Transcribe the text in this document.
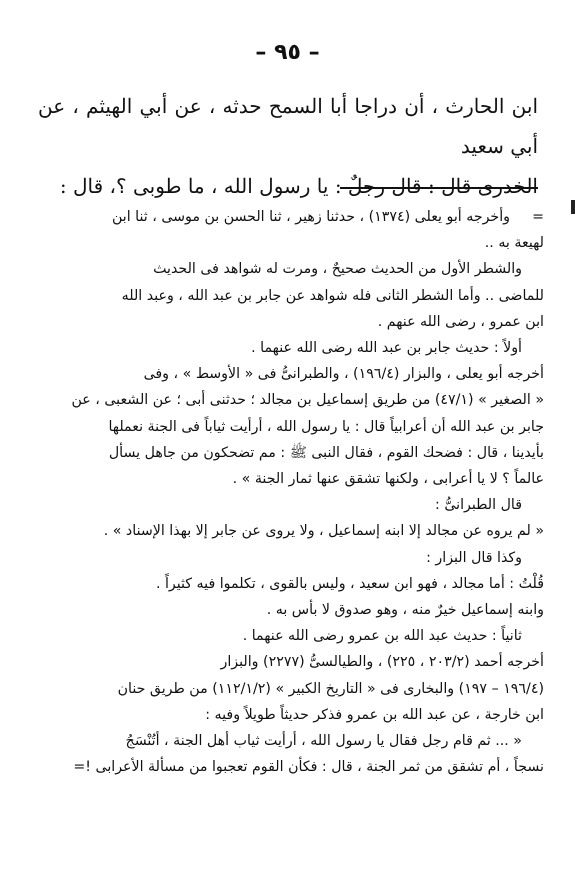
– ٩٥ –

ابن الحارث ، أن دراجا أبا السمح حدثه ، عن أبي الهيثم ، عن أبي سعيد

الخدرى قال : قال رجلٌ : يا رسول الله ، ما طوبى ؟، قال :

=
وأخرجه أبو يعلى (١٣٧٤) ، حدثنا زهير ، ثنا الحسن بن موسى ، ثنا ابن

لهيعة به ..

والشطر الأول من الحديث صحيحٌ ، ومرت له شواهد فى الحديث

للماضى .. وأما الشطر الثانى فله شواهد عن جابر بن عبد الله ، وعبد الله

ابن عمرو ، رضى الله عنهم .

أولاً : حديث جابر بن عبد الله رضى الله عنهما .

أخرجه أبو يعلى ، والبزار (١٩٦/٤) ، والطبرانىُّ فى « الأوسط » ، وفى

« الصغير » (٤٧/١) من طريق إسماعيل بن مجالد ؛ حدثنى أبى ؛ عن الشعبى ، عن

جابر بن عبد الله أن أعرابياً قال : يا رسول الله ، أرأيت ثياباً فى الجنة نعملها

بأيدينا ، قال : فضحك القوم ، فقال النبى ﷺ : مم تضحكون من جاهل يسأل

عالماً ؟ لا يا أعرابى ، ولكنها تشقق عنها ثمار الجنة » .

قال الطبرانىُّ :

« لم يروه عن مجالد إلا ابنه إسماعيل ، ولا يروى عن جابر إلا بهذا الإسناد » .

وكذا قال البزار :

قُلْتُ : أما مجالد ، فهو ابن سعيد ، وليس بالقوى ، تكلموا فيه كثيراً .

وابنه إسماعيل خيرٌ منه ، وهو صدوق لا بأس به .

ثانياً : حديث عبد الله بن عمرو رضى الله عنهما .

أخرجه أحمد (٢٠٣/٢ ، ٢٢٥) ، والطيالسىُّ (٢٢٧٧) والبزار

(١٩٦/٤ – ١٩٧) والبخارى فى « التاريخ الكبير » (١١٢/١/٢) من طريق حنان

ابن خارجة ، عن عبد الله بن عمرو فذكر حديثاً طويلاً وفيه :

« ... ثم قام رجل فقال يا رسول الله ، أرأيت ثياب أهل الجنة ، أتُنْسَجُ

نسجاً ، أم تشقق من ثمر الجنة ، قال : فكأن القوم تعجبوا من مسألة الأعرابى !=
